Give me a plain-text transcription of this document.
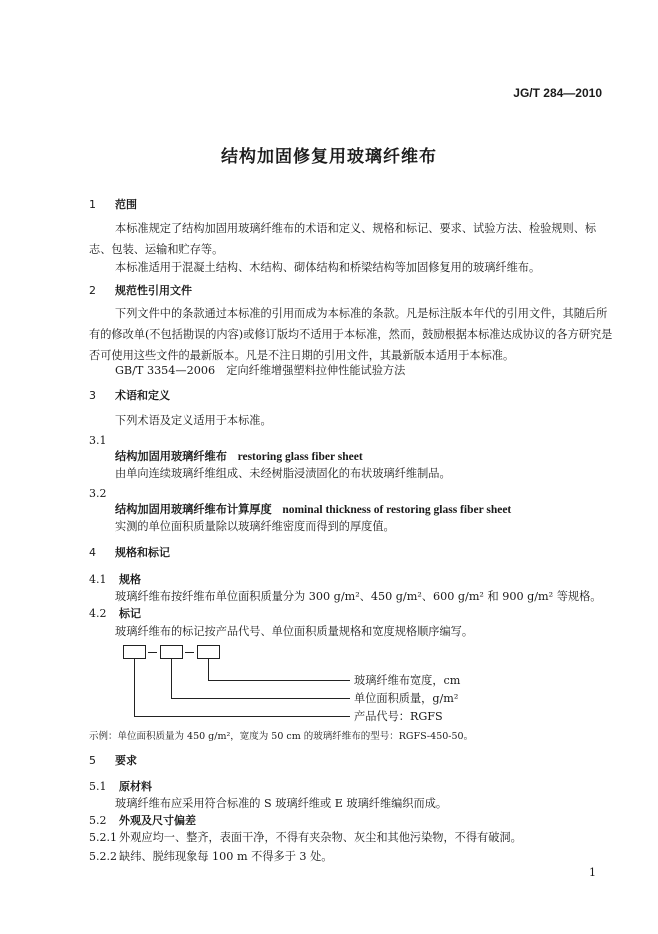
JG/T 284—2010
结构加固修复用玻璃纤维布
1 范围
本标准规定了结构加固用玻璃纤维布的术语和定义、规格和标记、要求、试验方法、检验规则、标志、包装、运输和贮存等。
本标准适用于混凝土结构、木结构、砌体结构和桥梁结构等加固修复用的玻璃纤维布。
2 规范性引用文件
下列文件中的条款通过本标准的引用而成为本标准的条款。凡是标注版本年代的引用文件，其随后所有的修改单(不包括勘误的内容)或修订版均不适用于本标准，然而，鼓励根据本标准达成协议的各方研究是否可使用这些文件的最新版本。凡是不注日期的引用文件，其最新版本适用于本标准。
GB/T 3354—2006　定向纤维增强塑料拉伸性能试验方法
3 术语和定义
下列术语及定义适用于本标准。
3.1
结构加固用玻璃纤维布 restoring glass fiber sheet
由单向连续玻璃纤维组成、未经树脂浸渍固化的布状玻璃纤维制品。
3.2
结构加固用玻璃纤维布计算厚度 nominal thickness of restoring glass fiber sheet
实测的单位面积质量除以玻璃纤维密度而得到的厚度值。
4 规格和标记
4.1 规格
玻璃纤维布按纤维布单位面积质量分为 300 g/m²、450 g/m²、600 g/m² 和 900 g/m² 等规格。
4.2 标记
玻璃纤维布的标记按产品代号、单位面积质量规格和宽度规格顺序编写。
玻璃纤维布宽度，cm
单位面积质量，g/m²
产品代号：RGFS
示例：单位面积质量为 450 g/m²，宽度为 50 cm 的玻璃纤维布的型号：RGFS-450-50。
5 要求
5.1 原材料
玻璃纤维布应采用符合标准的 S 玻璃纤维或 E 玻璃纤维编织而成。
5.2 外观及尺寸偏差
5.2.1 外观应均一、整齐，表面干净，不得有夹杂物、灰尘和其他污染物，不得有破洞。
5.2.2 缺纬、脱纬现象每 100 m 不得多于 3 处。
1
